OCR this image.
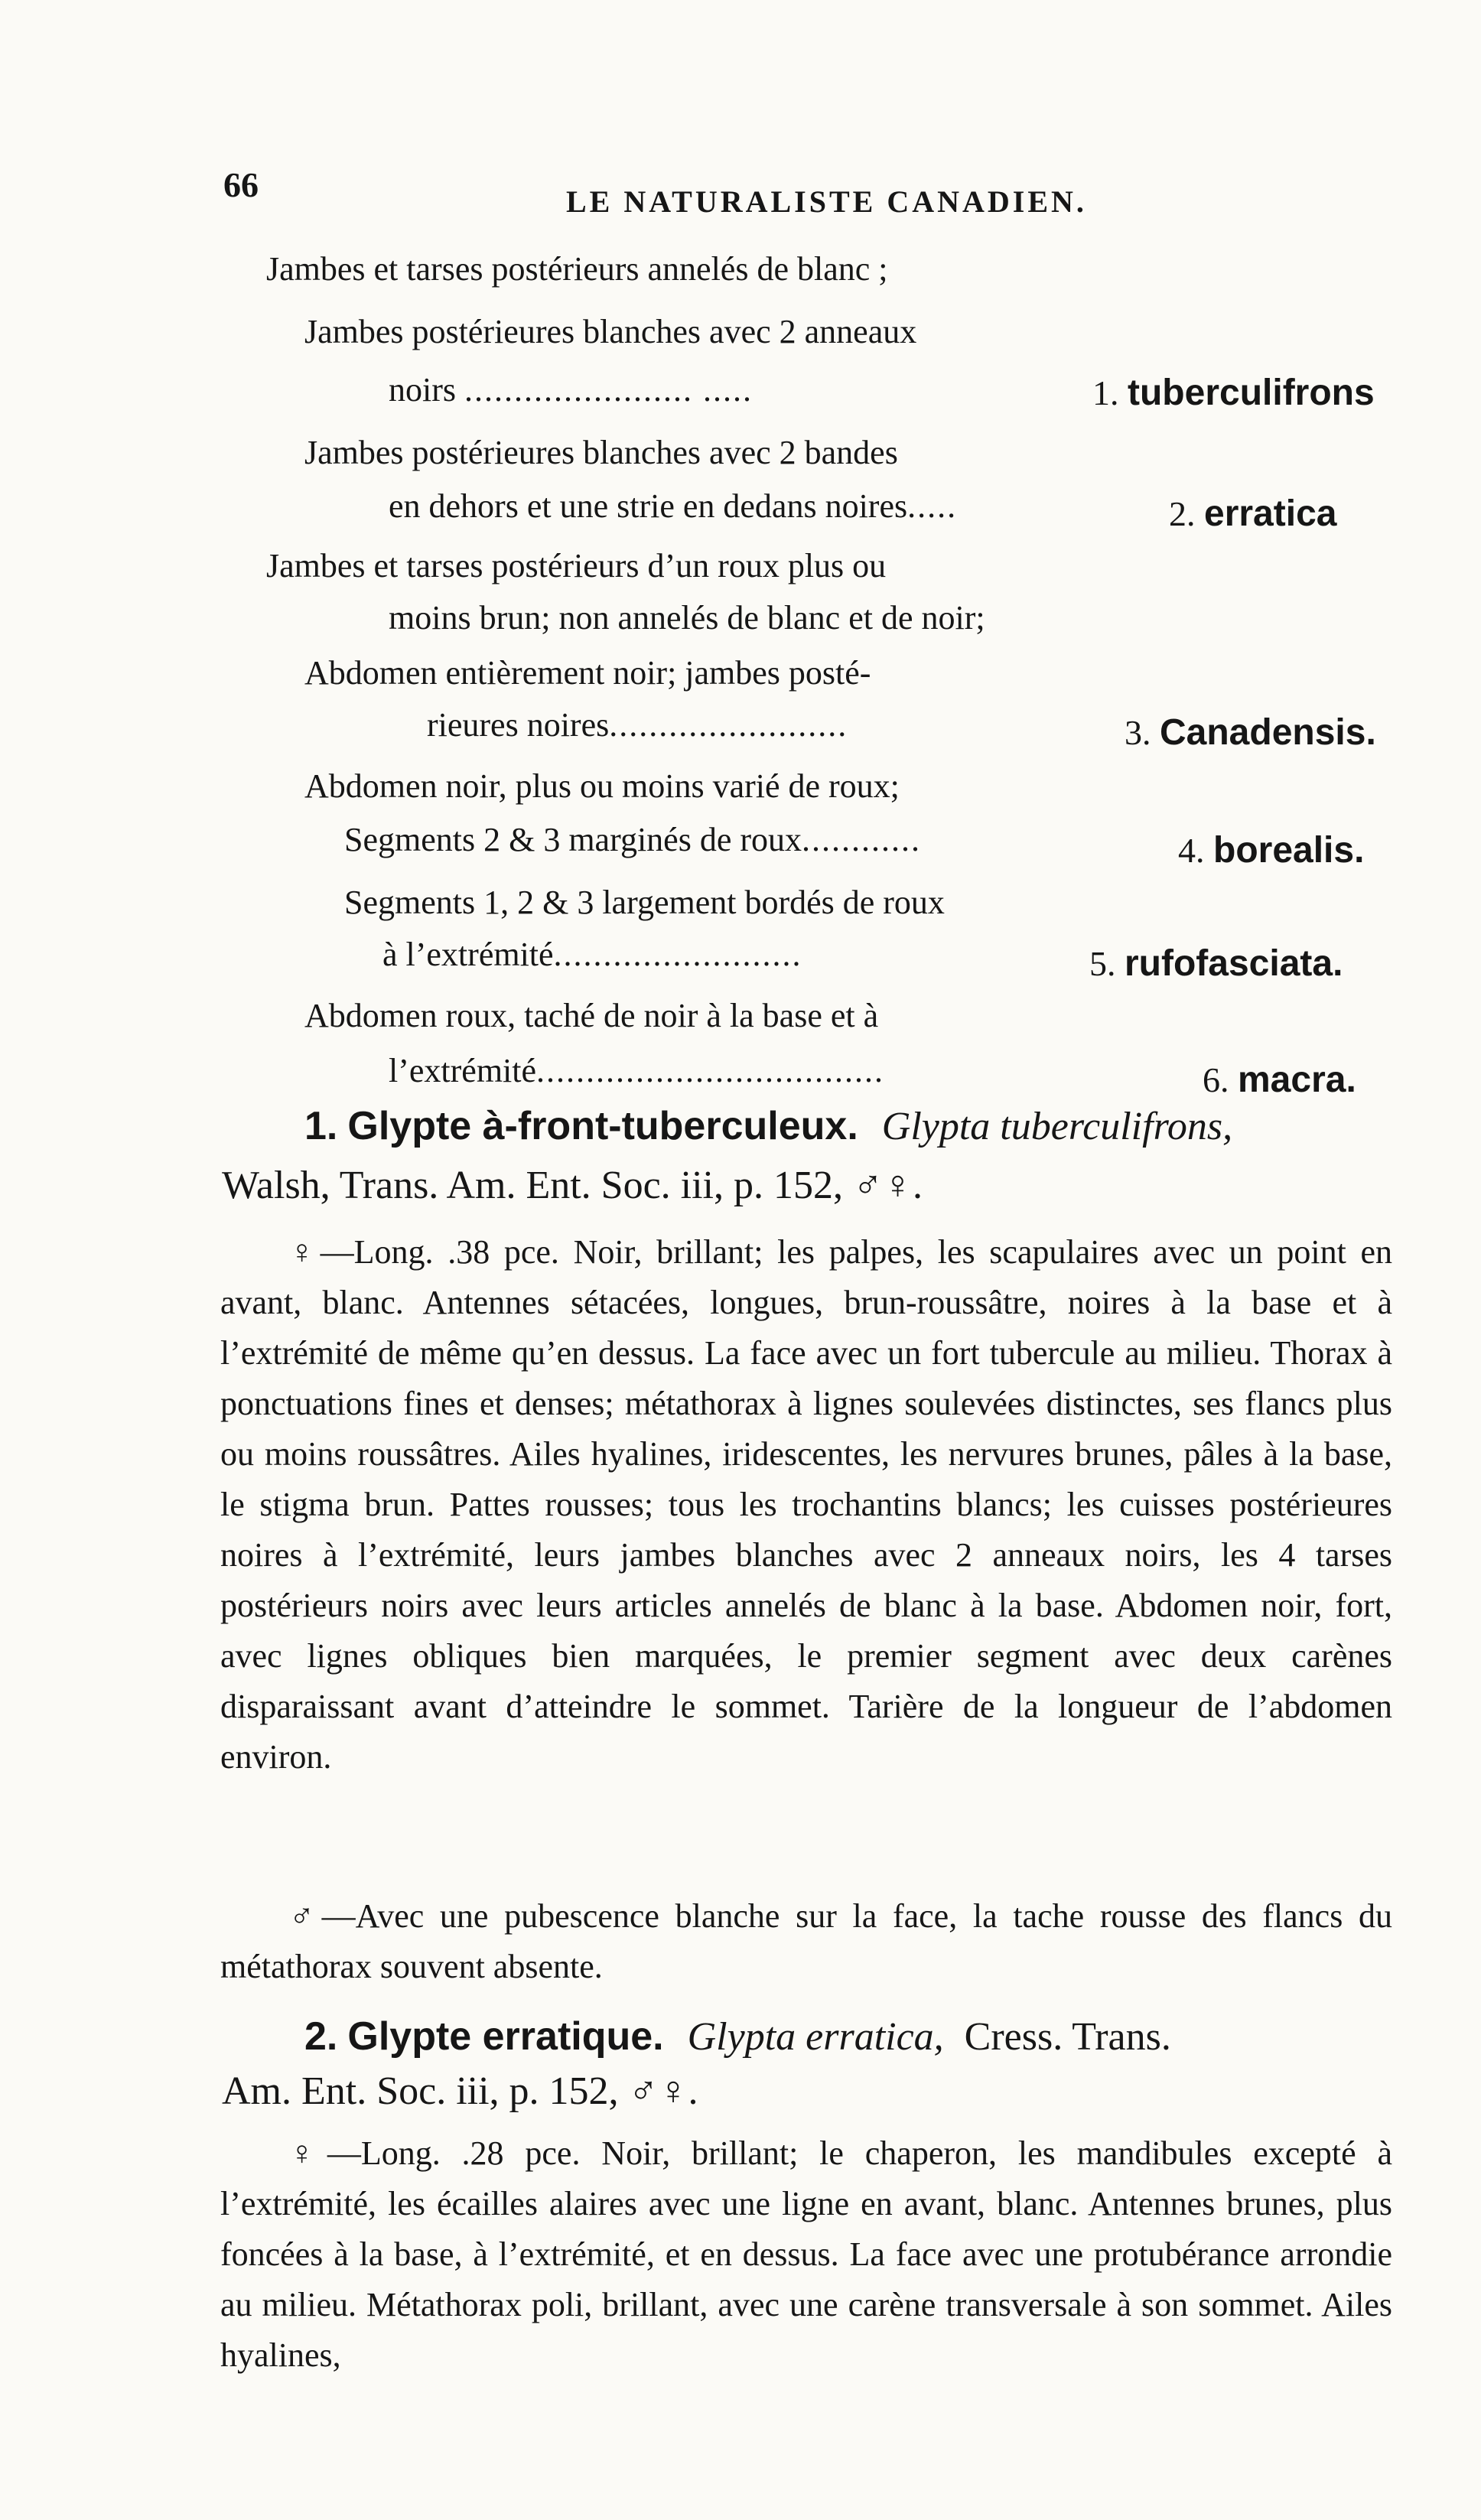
66	LE NATURALISTE CANADIEN.
Jambes et tarses postérieurs annelés de blanc ;
Jambes postérieures blanches avec 2 anneaux
noirs ....................... .....	1. tuberculifrons
Jambes postérieures blanches avec 2 bandes
en dehors et une strie en dedans noires.....	2. erratica
Jambes et tarses postérieurs d’un roux plus ou
moins brun; non annelés de blanc et de noir;
Abdomen entièrement noir; jambes posté-
rieures noires........................	3. Canadensis.
Abdomen noir, plus ou moins varié de roux;
Segments 2 & 3 marginés de roux............	4. borealis.
Segments 1, 2 & 3 largement bordés de roux
à l’extrémité.........................	5. rufofasciata.
Abdomen roux, taché de noir à la base et à
l’extrémité...................................	6. macra.
1. Glypte à-front-tuberculeux. Glypta tuberculifrons,
Walsh, Trans. Am. Ent. Soc. iii, p. 152, ♂♀.

♀—Long. .38 pce. Noir, brillant; les palpes, les scapulaires avec un point en avant, blanc. Antennes sétacées, longues, brun-roussâtre, noires à la base et à l’extrémité de même qu’en dessus. La face avec un fort tubercule au milieu. Thorax à ponctuations fines et denses; métathorax à lignes soulevées distinctes, ses flancs plus ou moins roussâtres. Ailes hyalines, iridescentes, les nervures brunes, pâles à la base, le stigma brun. Pattes rousses; tous les trochantins blancs; les cuisses postérieures noires à l’extrémité, leurs jambes blanches avec 2 anneaux noirs, les 4 tarses postérieurs noirs avec leurs articles annelés de blanc à la base. Abdomen noir, fort, avec lignes obliques bien marquées, le premier segment avec deux carènes disparaissant avant d’atteindre le sommet. Tarière de la longueur de l’abdomen environ.

♂—Avec une pubescence blanche sur la face, la tache rousse des flancs du métathorax souvent absente.

2. Glypte erratique. Glypta erratica, Cress. Trans.
Am. Ent. Soc. iii, p. 152, ♂♀.

♀—Long. .28 pce. Noir, brillant; le chaperon, les mandibules excepté à l’extrémité, les écailles alaires avec une ligne en avant, blanc. Antennes brunes, plus foncées à la base, à l’extrémité, et en dessus. La face avec une protubérance arrondie au milieu. Métathorax poli, brillant, avec une carène transversale à son sommet. Ailes hyalines,
